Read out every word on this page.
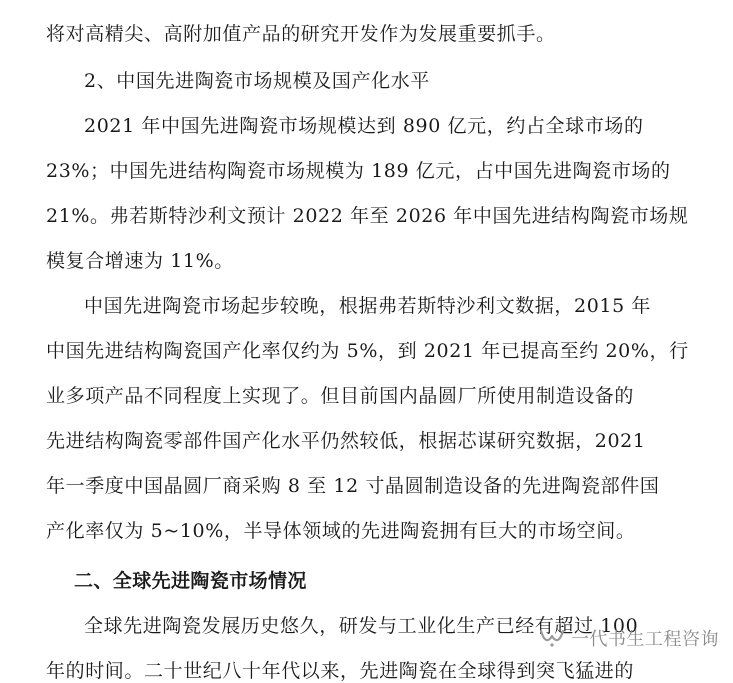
将对高精尖、高附加值产品的研究开发作为发展重要抓手。
2、中国先进陶瓷市场规模及国产化水平
2021 年中国先进陶瓷市场规模达到 890 亿元，约占全球市场的
23%；中国先进结构陶瓷市场规模为 189 亿元，占中国先进陶瓷市场的
21%。弗若斯特沙利文预计 2022 年至 2026 年中国先进结构陶瓷市场规
模复合增速为 11%。
中国先进陶瓷市场起步较晚，根据弗若斯特沙利文数据，2015 年
中国先进结构陶瓷国产化率仅约为 5%，到 2021 年已提高至约 20%，行
业多项产品不同程度上实现了。但目前国内晶圆厂所使用制造设备的
先进结构陶瓷零部件国产化水平仍然较低，根据芯谋研究数据，2021
年一季度中国晶圆厂商采购 8 至 12 寸晶圆制造设备的先进陶瓷部件国
产化率仅为 5~10%，半导体领域的先进陶瓷拥有巨大的市场空间。
二、全球先进陶瓷市场情况
全球先进陶瓷发展历史悠久，研发与工业化生产已经有超过 100
年的时间。二十世纪八十年代以来，先进陶瓷在全球得到突飞猛进的
一代书生工程咨询
